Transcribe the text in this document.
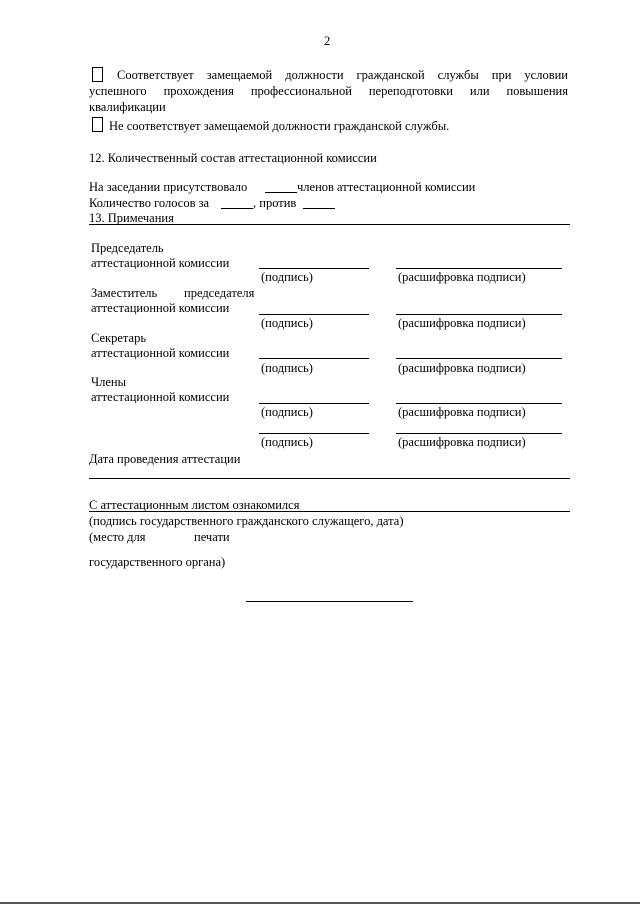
2
Соответствует замещаемой должности гражданской службы при условии
успешного прохождения профессиональной переподготовки или повышения
квалификации
Не соответствует замещаемой должности гражданской службы.
12. Количественный состав аттестационной комиссии
На заседании присутствовало	членов аттестационной комиссии
Количество голосов за	, против
13. Примечания
Председатель
аттестационной комиссии
(подпись)	(расшифровка подписи)
Заместитель председателя
аттестационной комиссии
(подпись)	(расшифровка подписи)
Секретарь
аттестационной комиссии
(подпись)	(расшифровка подписи)
Члены
аттестационной комиссии
(подпись)	(расшифровка подписи)
(подпись)	(расшифровка подписи)
Дата проведения аттестации
С аттестационным листом ознакомился
(подпись государственного гражданского служащего, дата)
(место для	печати
государственного органа)
